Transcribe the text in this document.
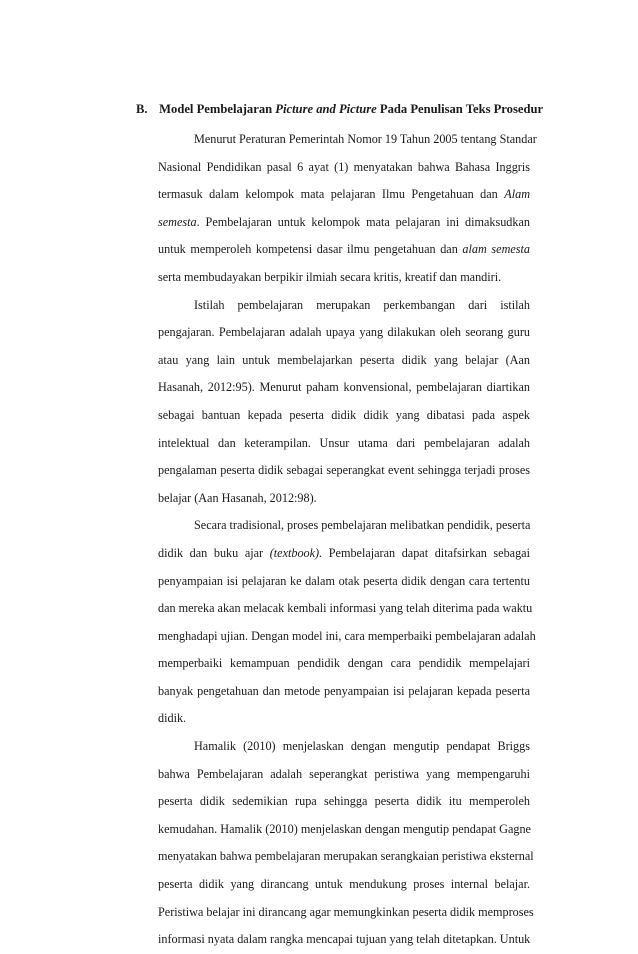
B. Model Pembelajaran Picture and Picture Pada Penulisan Teks Prosedur
Menurut Peraturan Pemerintah Nomor 19 Tahun 2005 tentang Standar
Nasional Pendidikan pasal 6 ayat (1) menyatakan bahwa Bahasa Inggris
termasuk dalam kelompok mata pelajaran Ilmu Pengetahuan dan Alam
semesta. Pembelajaran untuk kelompok mata pelajaran ini dimaksudkan
untuk memperoleh kompetensi dasar ilmu pengetahuan dan alam semesta
serta membudayakan berpikir ilmiah secara kritis, kreatif dan mandiri.
Istilah pembelajaran merupakan perkembangan dari istilah
pengajaran. Pembelajaran adalah upaya yang dilakukan oleh seorang guru
atau yang lain untuk membelajarkan peserta didik yang belajar (Aan
Hasanah, 2012:95). Menurut paham konvensional, pembelajaran diartikan
sebagai bantuan kepada peserta didik didik yang dibatasi pada aspek
intelektual dan keterampilan. Unsur utama dari pembelajaran adalah
pengalaman peserta didik sebagai seperangkat event sehingga terjadi proses
belajar (Aan Hasanah, 2012:98).
Secara tradisional, proses pembelajaran melibatkan pendidik, peserta
didik dan buku ajar (textbook). Pembelajaran dapat ditafsirkan sebagai
penyampaian isi pelajaran ke dalam otak peserta didik dengan cara tertentu
dan mereka akan melacak kembali informasi yang telah diterima pada waktu
menghadapi ujian. Dengan model ini, cara memperbaiki pembelajaran adalah
memperbaiki kemampuan pendidik dengan cara pendidik mempelajari
banyak pengetahuan dan metode penyampaian isi pelajaran kepada peserta
didik.
Hamalik (2010) menjelaskan dengan mengutip pendapat Briggs
bahwa Pembelajaran adalah seperangkat peristiwa yang mempengaruhi
peserta didik sedemikian rupa sehingga peserta didik itu memperoleh
kemudahan. Hamalik (2010) menjelaskan dengan mengutip pendapat Gagne
menyatakan bahwa pembelajaran merupakan serangkaian peristiwa eksternal
peserta didik yang dirancang untuk mendukung proses internal belajar.
Peristiwa belajar ini dirancang agar memungkinkan peserta didik memproses
informasi nyata dalam rangka mencapai tujuan yang telah ditetapkan. Untuk
